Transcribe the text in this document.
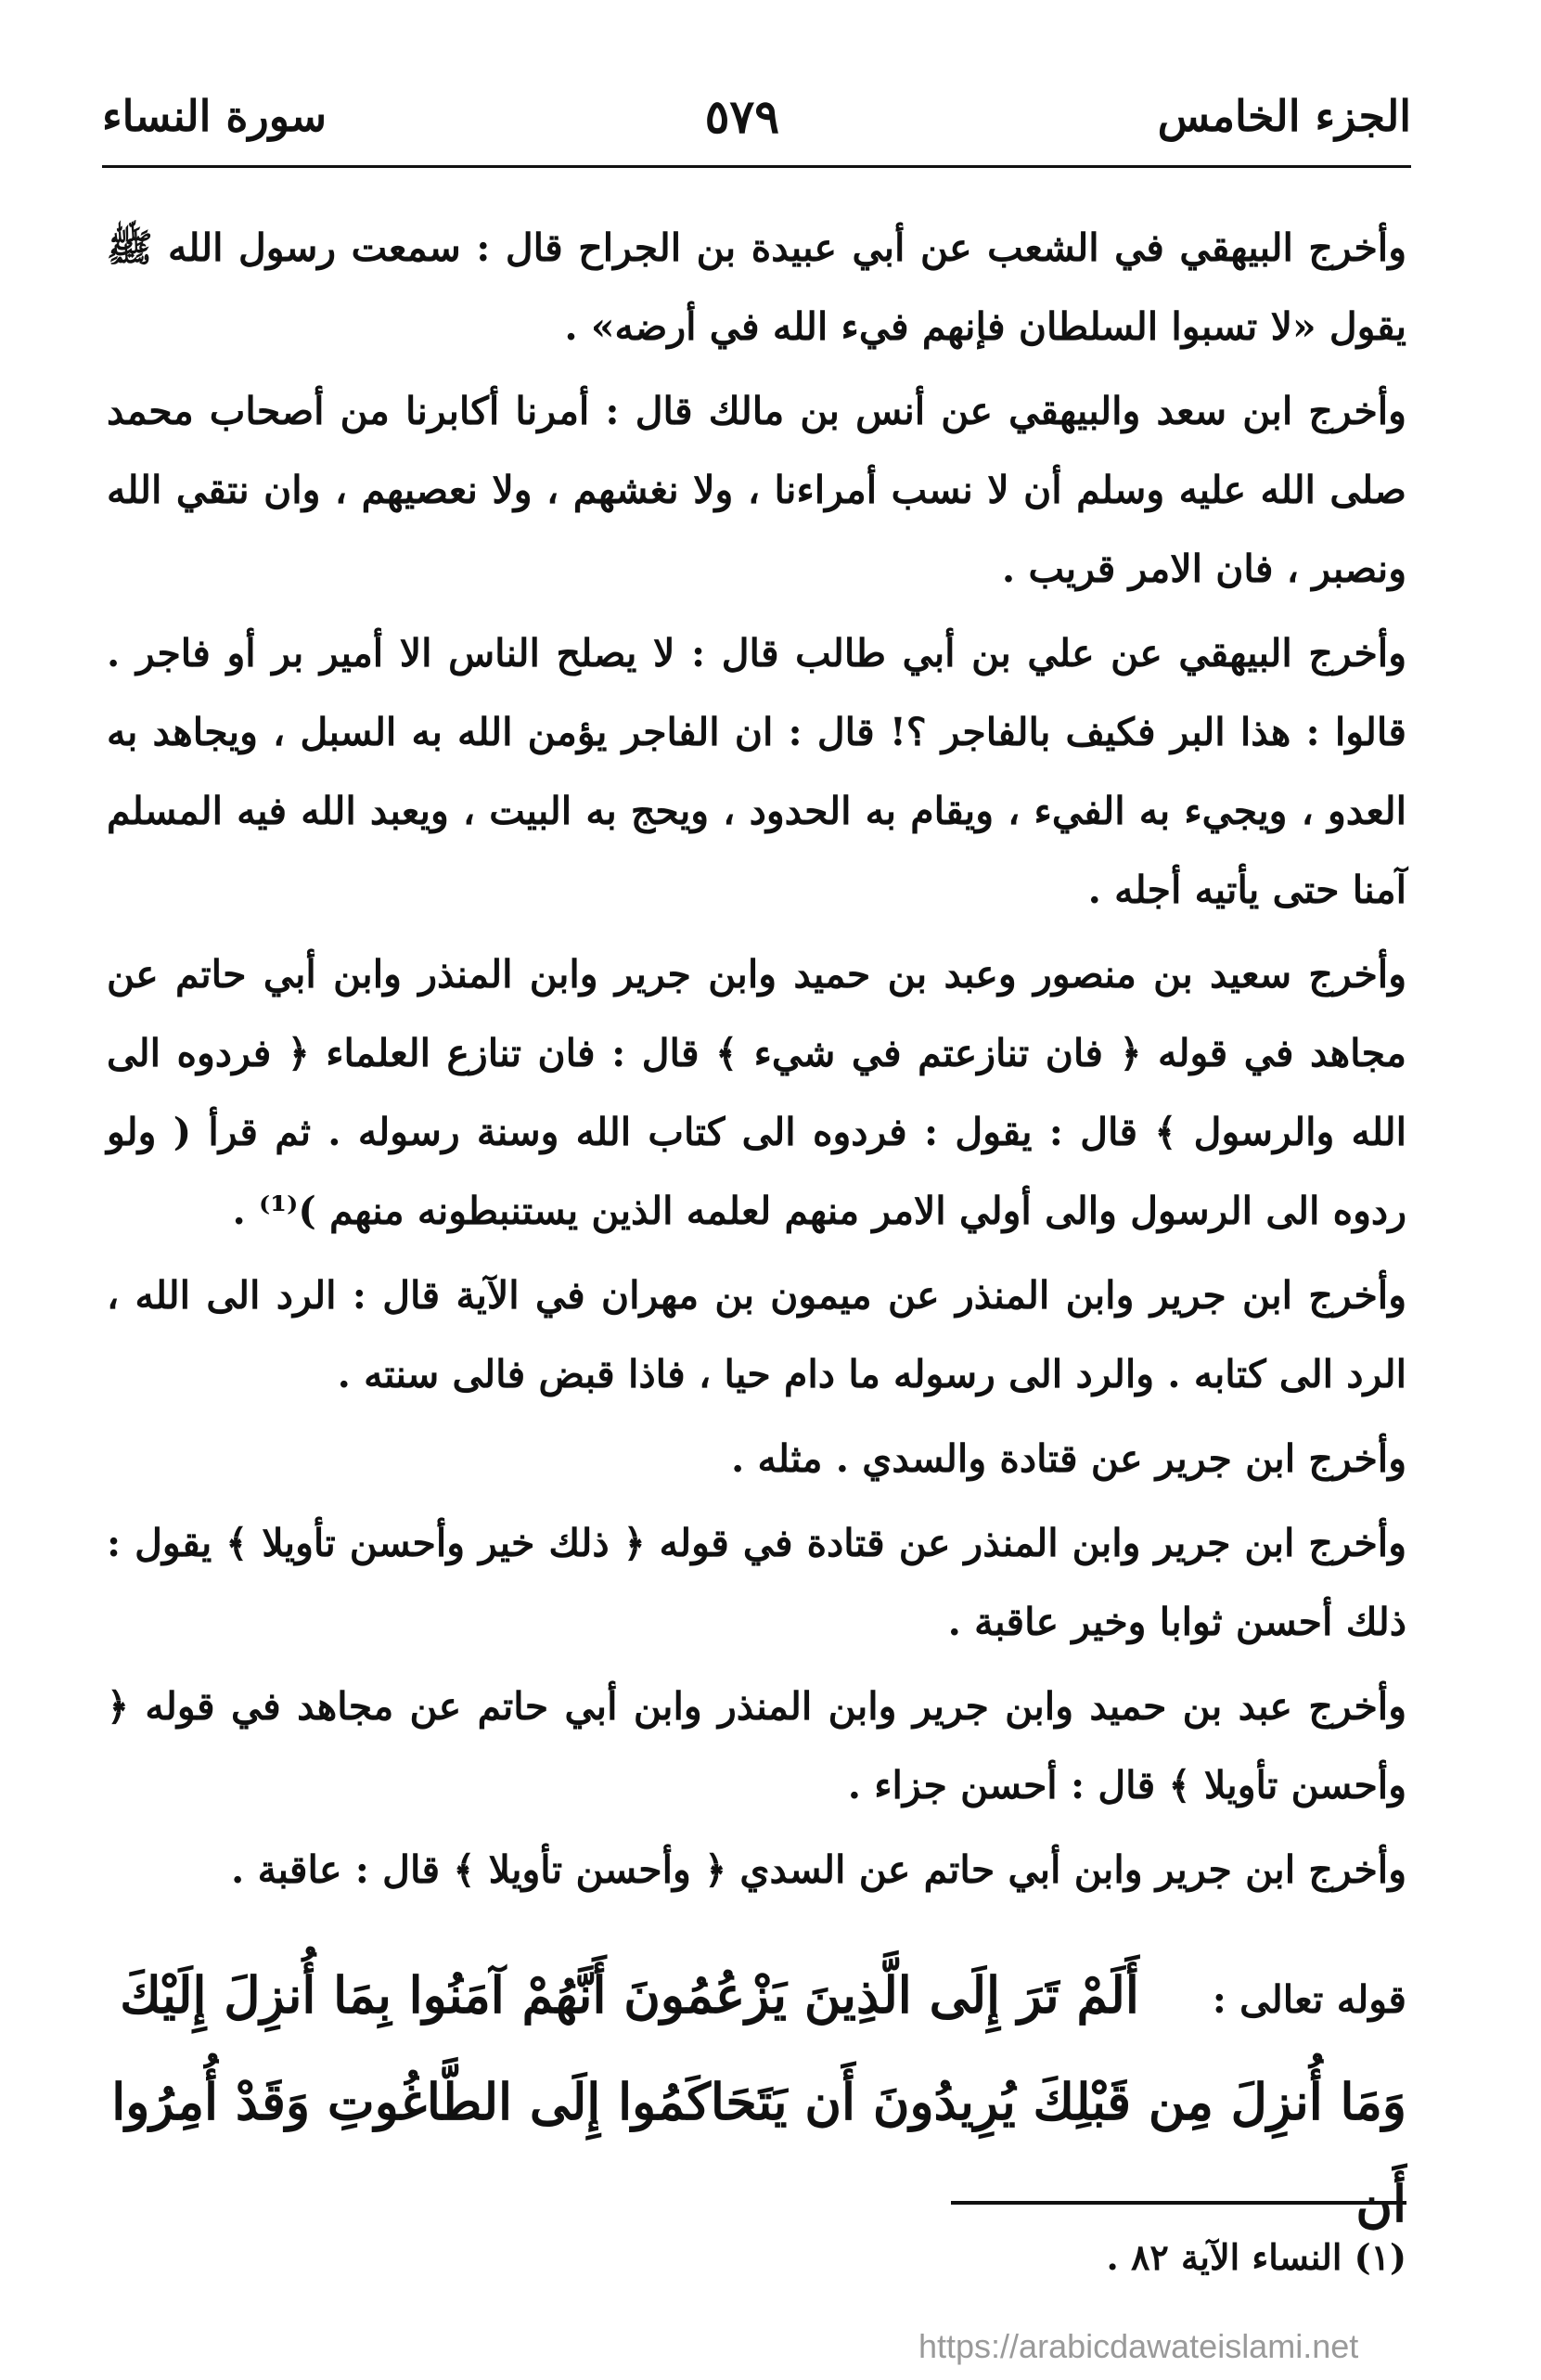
الجزء الخامس
٥٧٩
سورة النساء

وأخرج البيهقي في الشعب عن أبي عبيدة بن الجراح قال : سمعت رسول الله ﷺ يقول «لا تسبوا السلطان فإنهم فيء الله في أرضه» .

وأخرج ابن سعد والبيهقي عن أنس بن مالك قال : أمرنا أكابرنا من أصحاب محمد صلى الله عليه وسلم أن لا نسب أمراءنا ، ولا نغشهم ، ولا نعصيهم ، وان نتقي الله ونصبر ، فان الامر قريب .

وأخرج البيهقي عن علي بن أبي طالب قال : لا يصلح الناس الا أمير بر أو فاجر . قالوا : هذا البر فكيف بالفاجر ؟! قال : ان الفاجر يؤمن الله به السبل ، ويجاهد به العدو ، ويجيء به الفيء ، ويقام به الحدود ، ويحج به البيت ، ويعبد الله فيه المسلم آمنا حتى يأتيه أجله .

وأخرج سعيد بن منصور وعبد بن حميد وابن جرير وابن المنذر وابن أبي حاتم عن مجاهد في قوله ﴿ فان تنازعتم في شيء ﴾ قال : فان تنازع العلماء ﴿ فردوه الى الله والرسول ﴾ قال : يقول : فردوه الى كتاب الله وسنة رسوله . ثم قرأ ( ولو ردوه الى الرسول والى أولي الامر منهم لعلمه الذين يستنبطونه منهم )⁽¹⁾ .

وأخرج ابن جرير وابن المنذر عن ميمون بن مهران في الآية قال : الرد الى الله ، الرد الى كتابه . والرد الى رسوله ما دام حيا ، فاذا قبض فالى سنته .

وأخرج ابن جرير عن قتادة والسدي . مثله .

وأخرج ابن جرير وابن المنذر عن قتادة في قوله ﴿ ذلك خير وأحسن تأويلا ﴾ يقول : ذلك أحسن ثوابا وخير عاقبة .

وأخرج عبد بن حميد وابن جرير وابن المنذر وابن أبي حاتم عن مجاهد في قوله ﴿ وأحسن تأويلا ﴾ قال : أحسن جزاء .

وأخرج ابن جرير وابن أبي حاتم عن السدي ﴿ وأحسن تأويلا ﴾ قال : عاقبة .

قوله تعالى : أَلَمْ تَرَ إِلَى الَّذِينَ يَزْعُمُونَ أَنَّهُمْ آمَنُوا بِمَا أُنزِلَ إِلَيْكَ وَمَا أُنزِلَ مِن قَبْلِكَ يُرِيدُونَ أَن يَتَحَاكَمُوا إِلَى الطَّاغُوتِ وَقَدْ أُمِرُوا أَن
(١) النساء الآية ٨٢ .
https://arabicdawateislami.net
